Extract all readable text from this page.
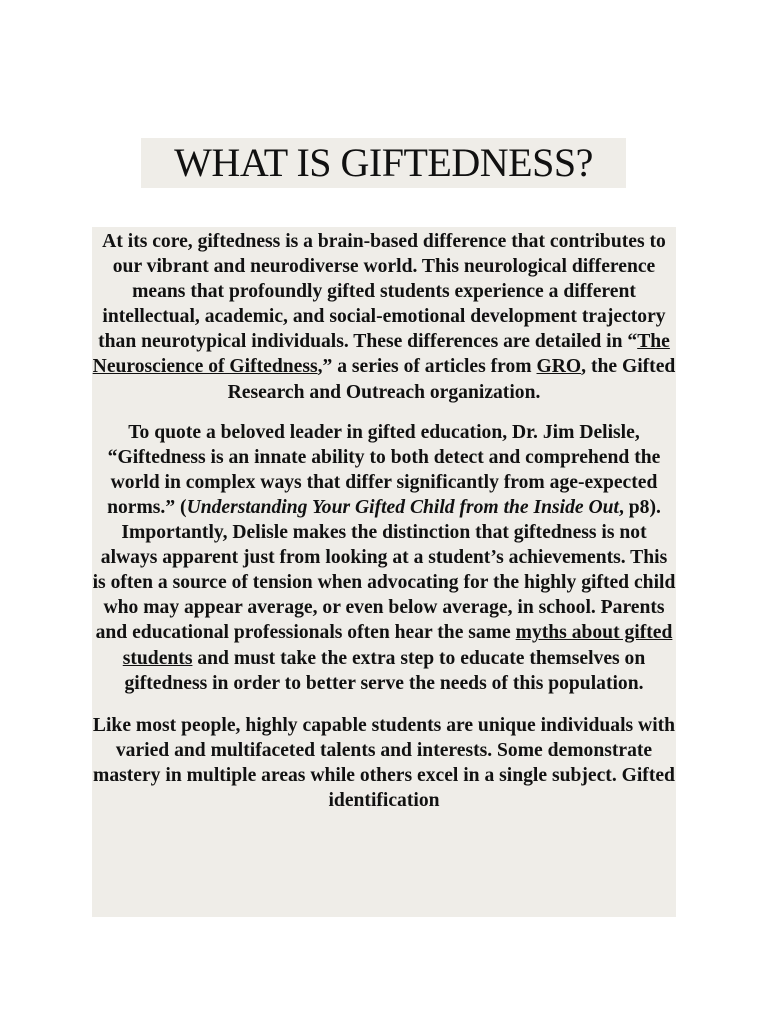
WHAT IS GIFTEDNESS?

At its core, giftedness is a brain-based difference that contributes to our vibrant and neurodiverse world. This neurological difference means that profoundly gifted students experience a different intellectual, academic, and social-emotional development trajectory than neurotypical individuals. These differences are detailed in “The Neuroscience of Giftedness,” a series of articles from GRO, the Gifted Research and Outreach organization.

To quote a beloved leader in gifted education, Dr. Jim Delisle, “Giftedness is an innate ability to both detect and comprehend the world in complex ways that differ significantly from age-expected norms.” (Understanding Your Gifted Child from the Inside Out, p8). Importantly, Delisle makes the distinction that giftedness is not always apparent just from looking at a student’s achievements. This is often a source of tension when advocating for the highly gifted child who may appear average, or even below average, in school. Parents and educational professionals often hear the same myths about gifted students and must take the extra step to educate themselves on giftedness in order to better serve the needs of this population.

Like most people, highly capable students are unique individuals with varied and multifaceted talents and interests. Some demonstrate mastery in multiple areas while others excel in a single subject. Gifted identification
